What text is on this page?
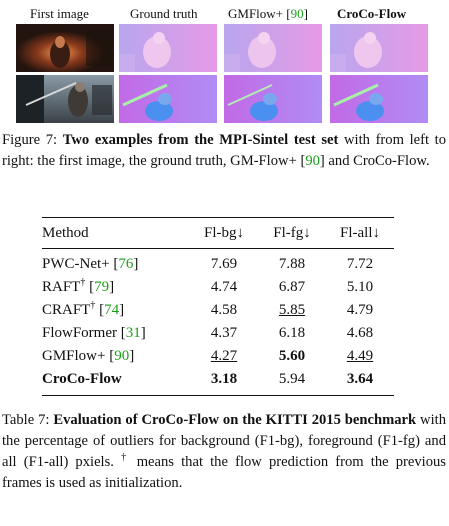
First image	Ground truth GMFlow+ [90] CroCo-Flow
Figure 7: Two examples from the MPI-Sintel test set with from left to right: the first image, the ground truth, GM-Flow+ [90] and CroCo-Flow.
Method	Fl-bg↓	Fl-fg↓	Fl-all↓
PWC-Net+ [76]	7.69	7.88	7.72
RAFT† [79]	4.74	6.87	5.10
CRAFT† [74]	4.58	5.85	4.79
FlowFormer [31]	4.37	6.18	4.68
GMFlow+ [90]	4.27	5.60	4.49
CroCo-Flow	3.18	5.94	3.64
Table 7: Evaluation of CroCo-Flow on the KITTI 2015 benchmark with the percentage of outliers for background (F1-bg), foreground (F1-fg) and all (F1-all) pxiels. † means that the flow prediction from the previous frames is used as initialization.
